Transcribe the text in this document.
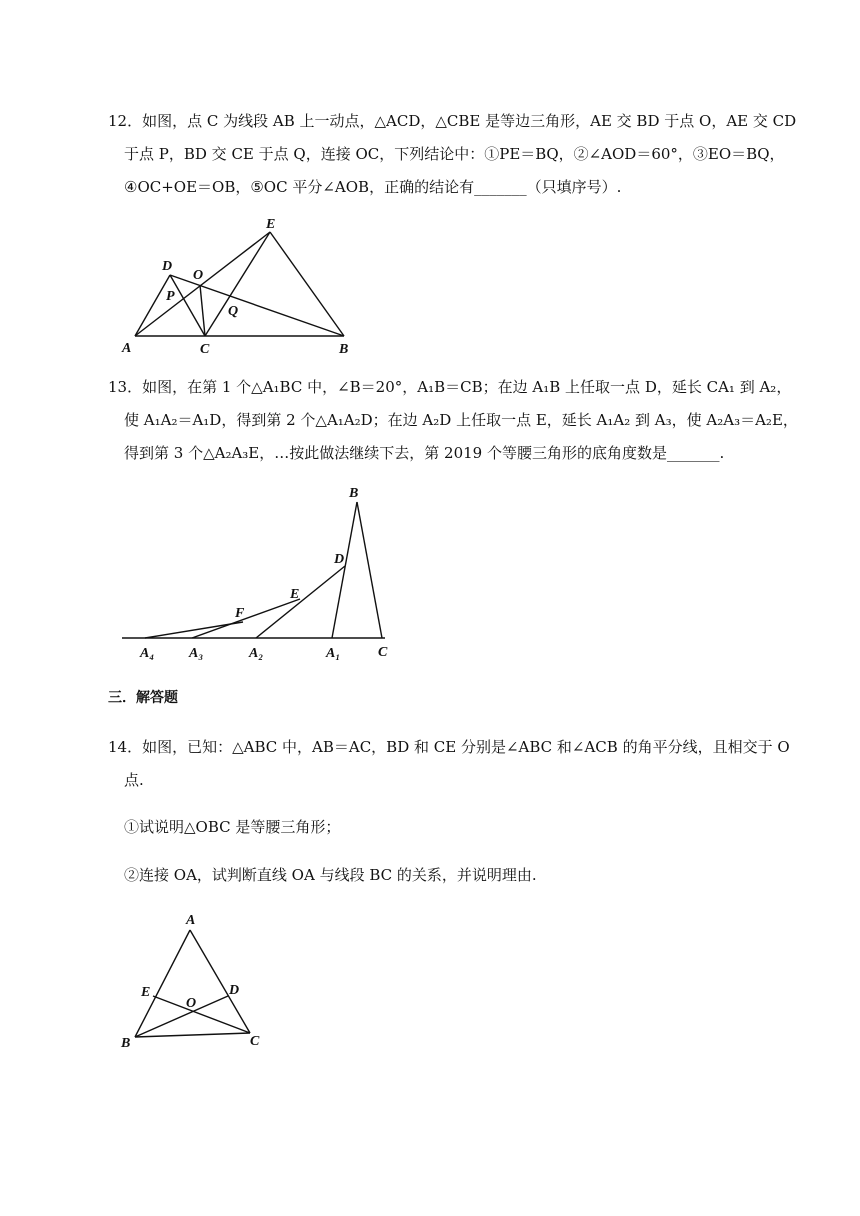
12．如图，点 C 为线段 AB 上一动点，△ACD，△CBE 是等边三角形，AE 交 BD 于点 O，AE 交 CD
于点 P，BD 交 CE 于点 Q，连接 OC，下列结论中：①PE＝BQ，②∠AOD＝60°，③EO＝BQ，
④OC+OE＝OB，⑤OC 平分∠AOB，正确的结论有_______（只填序号）.
A	C	B
D
E
O
P
Q
B
D
E
F
A₄ A₃	A₂	A₁	C
A
E	D
O
B	C
13．如图，在第 1 个△A₁BC 中，∠B＝20°，A₁B＝CB；在边 A₁B 上任取一点 D，延长 CA₁ 到 A₂，
使 A₁A₂＝A₁D，得到第 2 个△A₁A₂D；在边 A₂D 上任取一点 E，延长 A₁A₂ 到 A₃，使 A₂A₃＝A₂E，
得到第 3 个△A₂A₃E，…按此做法继续下去，第 2019 个等腰三角形的底角度数是_______.
三．解答题
14．如图，已知：△ABC 中，AB＝AC，BD 和 CE 分别是∠ABC 和∠ACB 的角平分线，且相交于 O
点.
①试说明△OBC 是等腰三角形；
②连接 OA，试判断直线 OA 与线段 BC 的关系，并说明理由.
